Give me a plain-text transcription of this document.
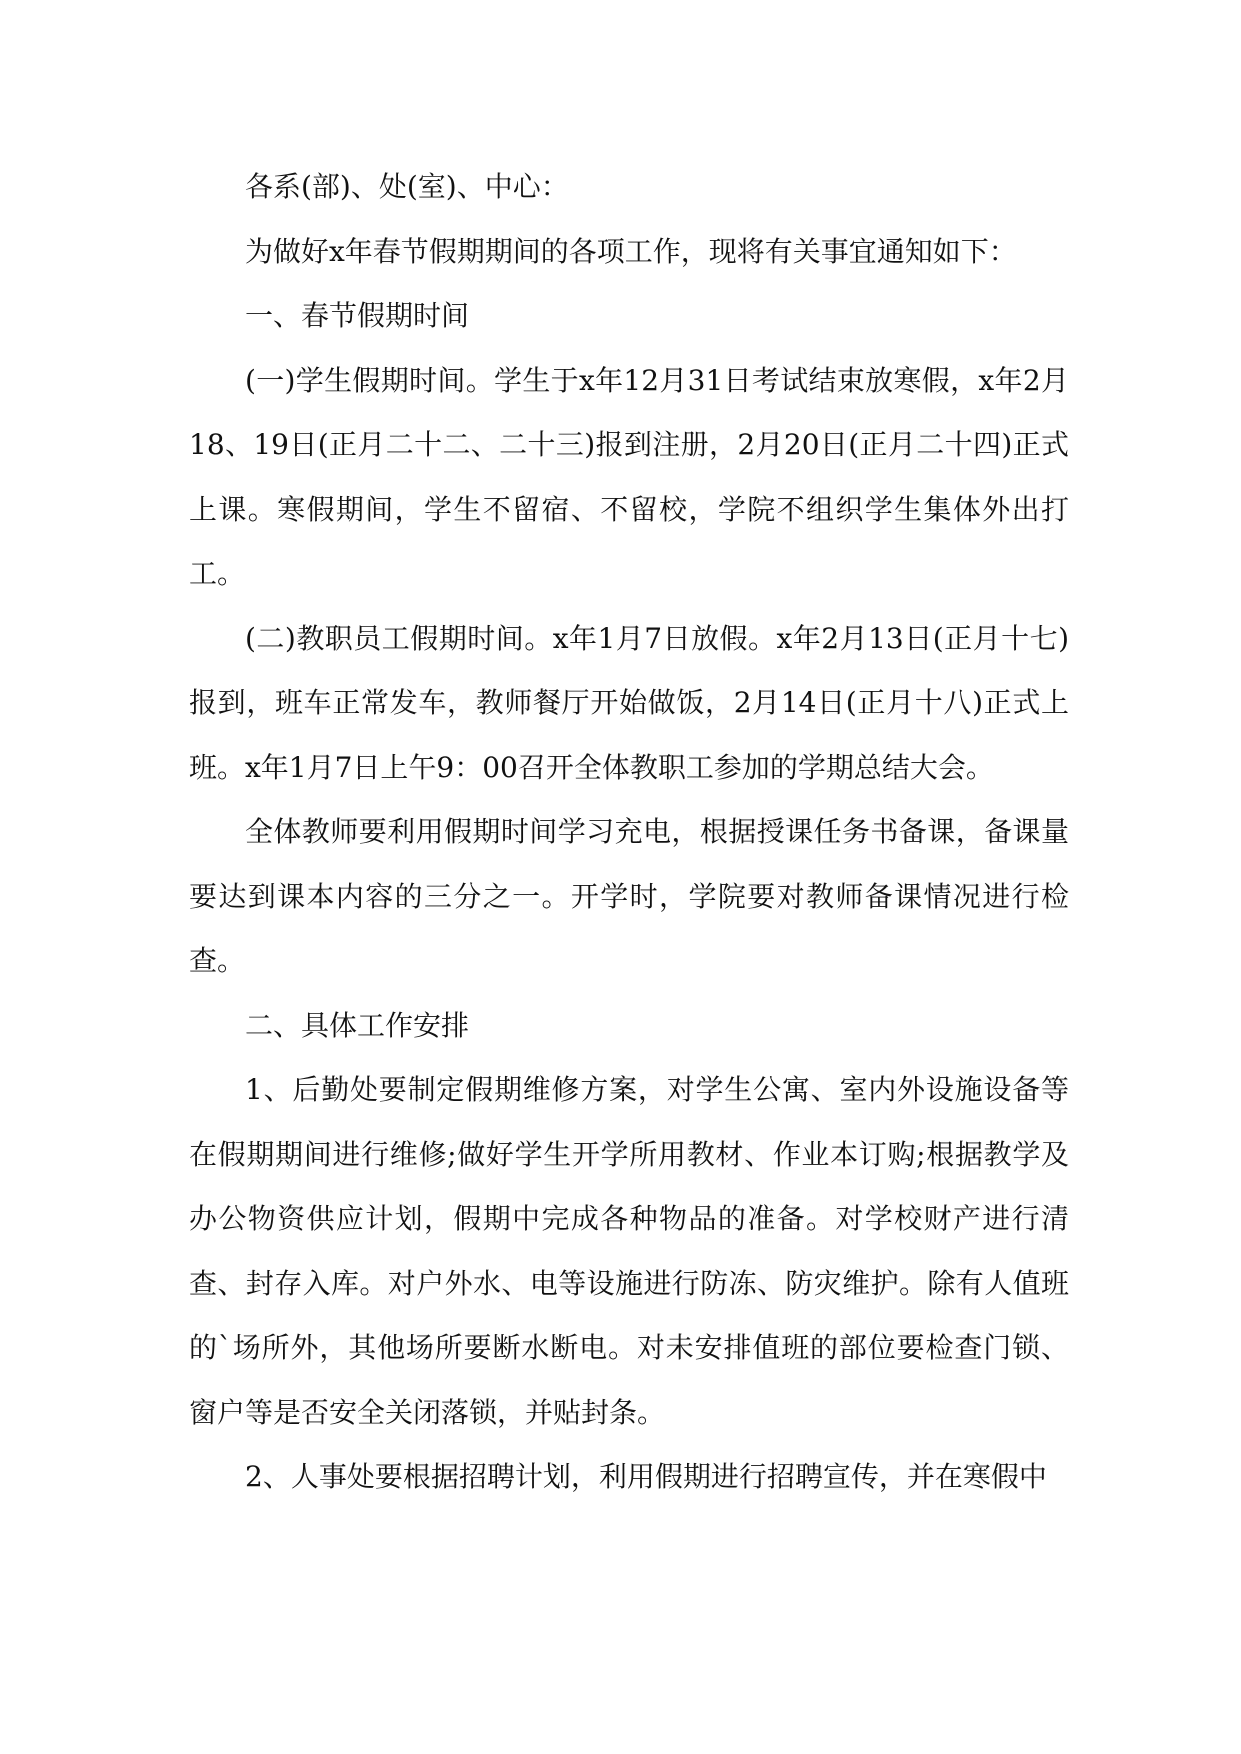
各系(部)、处(室)、中心：

为做好x年春节假期期间的各项工作，现将有关事宜通知如下：

一、春节假期时间

(一)学生假期时间。学生于x年12月31日考试结束放寒假，x年2月18、19日(正月二十二、二十三)报到注册，2月20日(正月二十四)正式上课。寒假期间，学生不留宿、不留校，学院不组织学生集体外出打工。

(二)教职员工假期时间。x年1月7日放假。x年2月13日(正月十七)报到，班车正常发车，教师餐厅开始做饭，2月14日(正月十八)正式上班。x年1月7日上午9：00召开全体教职工参加的学期总结大会。

全体教师要利用假期时间学习充电，根据授课任务书备课，备课量要达到课本内容的三分之一。开学时，学院要对教师备课情况进行检查。

二、具体工作安排

1、后勤处要制定假期维修方案，对学生公寓、室内外设施设备等在假期期间进行维修;做好学生开学所用教材、作业本订购;根据教学及办公物资供应计划，假期中完成各种物品的准备。对学校财产进行清查、封存入库。对户外水、电等设施进行防冻、防灾维护。除有人值班的`场所外，其他场所要断水断电。对未安排值班的部位要检查门锁、窗户等是否安全关闭落锁，并贴封条。

2、人事处要根据招聘计划，利用假期进行招聘宣传，并在寒假中
